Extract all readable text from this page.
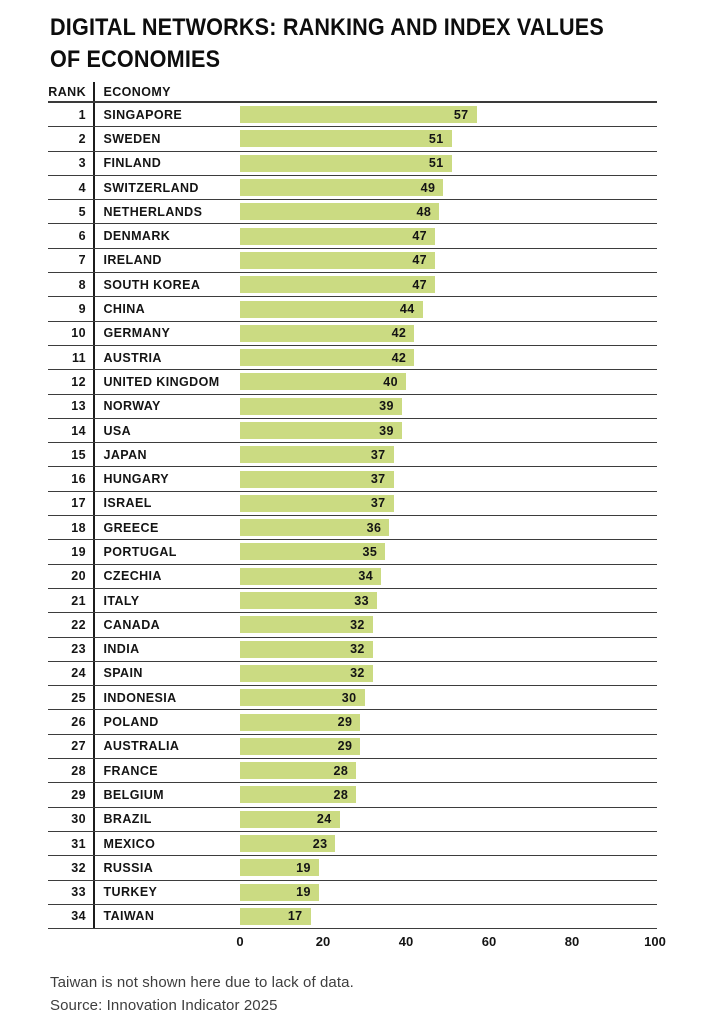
DIGITAL NETWORKS: RANKING AND INDEX VALUES
OF ECONOMIES
RANK	ECONOMY
1	SINGAPORE	57
2	SWEDEN	51
3	FINLAND	51
4	SWITZERLAND	49
5	NETHERLANDS	48
6	DENMARK	47
7	IRELAND	47
8	SOUTH KOREA	47
9	CHINA	44
10	GERMANY	42
11	AUSTRIA	42
12	UNITED KINGDOM	40
13	NORWAY	39
14	USA	39
15	JAPAN	37
16	HUNGARY	37
17	ISRAEL	37
18	GREECE	36
19	PORTUGAL	35
20	CZECHIA	34
21	ITALY	33
22	CANADA	32
23	INDIA	32
24	SPAIN	32
25	INDONESIA	30
26	POLAND	29
27	AUSTRALIA	29
28	FRANCE	28
29	BELGIUM	28
30	BRAZIL	24
31	MEXICO	23
32	RUSSIA	19
33	TURKEY	19
34	TAIWAN	17
0	20	40	60	80	100
Taiwan is not shown here due to lack of data.
Source: Innovation Indicator 2025
